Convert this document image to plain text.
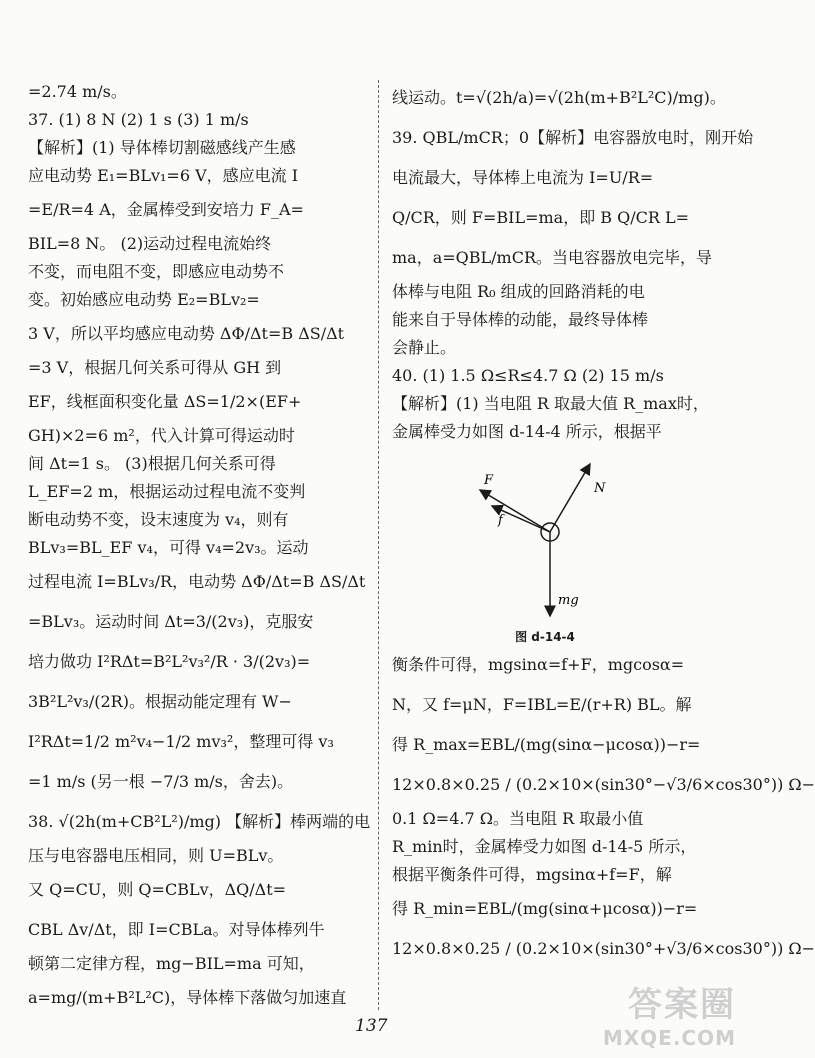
=2.74 m/s。

37. (1) 8 N (2) 1 s (3) 1 m/s

【解析】(1) 导体棒切割磁感线产生感

应电动势 E₁=BLv₁=6 V，感应电流 I

=E/R=4 A，金属棒受到安培力 F_A=

BIL=8 N。 (2)运动过程电流始终

不变，而电阻不变，即感应电动势不

变。初始感应电动势 E₂=BLv₂=

3 V，所以平均感应电动势 ΔΦ/Δt=B ΔS/Δt

=3 V，根据几何关系可得从 GH 到

EF，线框面积变化量 ΔS=1/2×(EF+

GH)×2=6 m²，代入计算可得运动时

间 Δt=1 s。 (3)根据几何关系可得

L_EF=2 m，根据运动过程电流不变判

断电动势不变，设末速度为 v₄，则有

BLv₃=BL_EF v₄，可得 v₄=2v₃。运动

过程电流 I=BLv₃/R，电动势 ΔΦ/Δt=B ΔS/Δt

=BLv₃。运动时间 Δt=3/(2v₃)，克服安

培力做功 I²RΔt=B²L²v₃²/R · 3/(2v₃)=

3B²L²v₃/(2R)。根据动能定理有 W−

I²RΔt=1/2 m²v₄−1/2 mv₃²，整理可得 v₃

=1 m/s (另一根 −7/3 m/s，舍去)。

38. √(2h(m+CB²L²)/mg) 【解析】棒两端的电

压与电容器电压相同，则 U=BLv。

又 Q=CU，则 Q=CBLv，ΔQ/Δt=

CBL Δv/Δt，即 I=CBLa。对导体棒列牛

顿第二定律方程，mg−BIL=ma 可知，

a=mg/(m+B²L²C)，导体棒下落做匀加速直

线运动。t=√(2h/a)=√(2h(m+B²L²C)/mg)。

39. QBL/mCR；0【解析】电容器放电时，刚开始

电流最大，导体棒上电流为 I=U/R=

Q/CR，则 F=BIL=ma，即 B Q/CR L=

ma，a=QBL/mCR。当电容器放电完毕，导

体棒与电阻 R₀ 组成的回路消耗的电

能来自于导体棒的动能，最终导体棒

会静止。

40. (1) 1.5 Ω≤R≤4.7 Ω (2) 15 m/s

【解析】(1) 当电阻 R 取最大值 R_max时，

金属棒受力如图 d-14-4 所示，根据平

N
F
f
mg

图 d-14-4

衡条件可得，mgsinα=f+F，mgcosα=

N，又 f=μN，F=IBL=E/(r+R) BL。解

得 R_max=EBL/(mg(sinα−μcosα))−r=

12×0.8×0.25 / (0.2×10×(sin30°−√3/6×cos30°)) Ω−

0.1 Ω=4.7 Ω。当电阻 R 取最小值

R_min时，金属棒受力如图 d-14-5 所示，

根据平衡条件可得，mgsinα+f=F，解

得 R_min=EBL/(mg(sinα+μcosα))−r=

12×0.8×0.25 / (0.2×10×(sin30°+√3/6×cos30°)) Ω−

137
答案圈
MXQE.COM
